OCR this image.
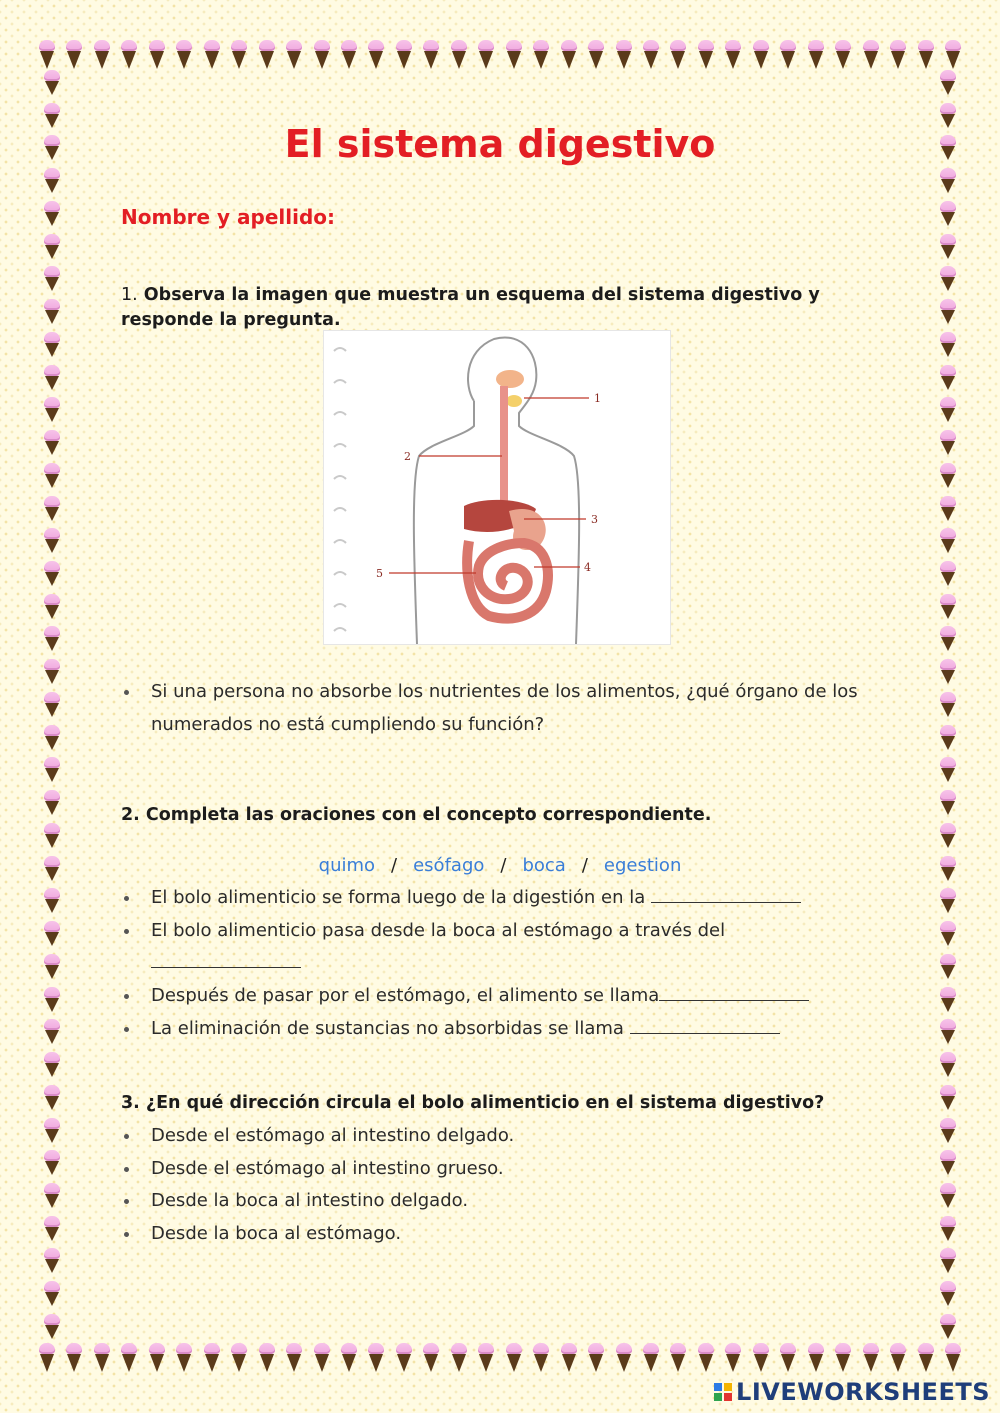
El sistema digestivo
Nombre y apellido:
1. Observa la imagen que muestra un esquema del sistema digestivo y responde la pregunta.
1
2
3
4
5
Si una persona no absorbe los nutrientes de los alimentos, ¿qué órgano de los numerados no está cumpliendo su función?
2. Completa las oraciones con el concepto correspondiente.
quimo / esófago / boca / egestion
El bolo alimenticio se forma luego de la digestión en la
El bolo alimenticio pasa desde la boca al estómago a través del
Después de pasar por el estómago, el alimento se llama
La eliminación de sustancias no absorbidas se llama
3. ¿En qué dirección circula el bolo alimenticio en el sistema digestivo?
Desde el estómago al intestino delgado.
Desde el estómago al intestino grueso.
Desde la boca al intestino delgado.
Desde la boca al estómago.
LIVEWORKSHEETS
